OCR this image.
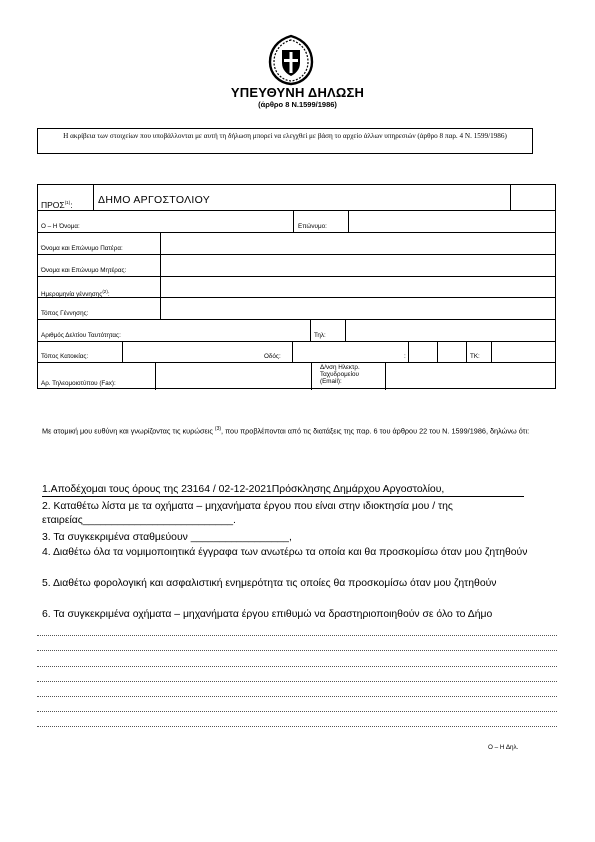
ΥΠΕΥΘΥΝΗ ΔΗΛΩΣΗ
(άρθρο 8 Ν.1599/1986)
Η ακρίβεια των στοιχείων που υποβάλλονται με αυτή τη δήλωση μπορεί να ελεγχθεί με βάση το αρχείο άλλων υπηρεσιών (άρθρο 8 παρ. 4 Ν. 1599/1986)
ΠΡΟΣ$^{(1)}$: ΔΗΜΟ ΑΡΓΟΣΤΟΛΙΟΥ
Ο – Η Όνομα:	Επώνυμο:
Όνομα και Επώνυμο Πατέρα:
Όνομα και Επώνυμο Μητέρας:
Ημερομηνία γέννησης$^{(2)}$:
Τόπος Γέννησης:
Αριθμός Δελτίου Ταυτότητας:	Τηλ:
Τόπος Κατοικίας:	Οδός:	:	ΤΚ:
Αρ. Τηλεομοιοτύπου (Fax):
Δ/νση Ηλεκτρ.
Ταχυδρομείου
(Email):
Με ατομική μου ευθύνη και γνωρίζοντας τις κυρώσεις $^{(3)}$, που προβλέπονται από τις διατάξεις της παρ. 6 του άρθρου 22 του Ν. 1599/1986, δηλώνω ότι:
1.Αποδέχομαι τους όρους της 23164 / 02-12-2021Πρόσκλησης Δημάρχου Αργοστολίου,
2. Καταθέτω λίστα με τα οχήματα – μηχανήματα έργου που είναι στην ιδιοκτησία μου / της εταιρείας__________________________.
3. Τα συγκεκριμένα σταθμεύουν _________________,
4. Διαθέτω όλα τα νομιμοποιητικά έγγραφα των ανωτέρω τα οποία και θα προσκομίσω όταν μου ζητηθούν
5. Διαθέτω φορολογική και ασφαλιστική ενημερότητα τις οποίες θα προσκομίσω όταν μου ζητηθούν
6. Τα συγκεκριμένα οχήματα – μηχανήματα έργου επιθυμώ να δραστηριοποιηθούν σε όλο το Δήμο
Ο – Η Δηλ.
